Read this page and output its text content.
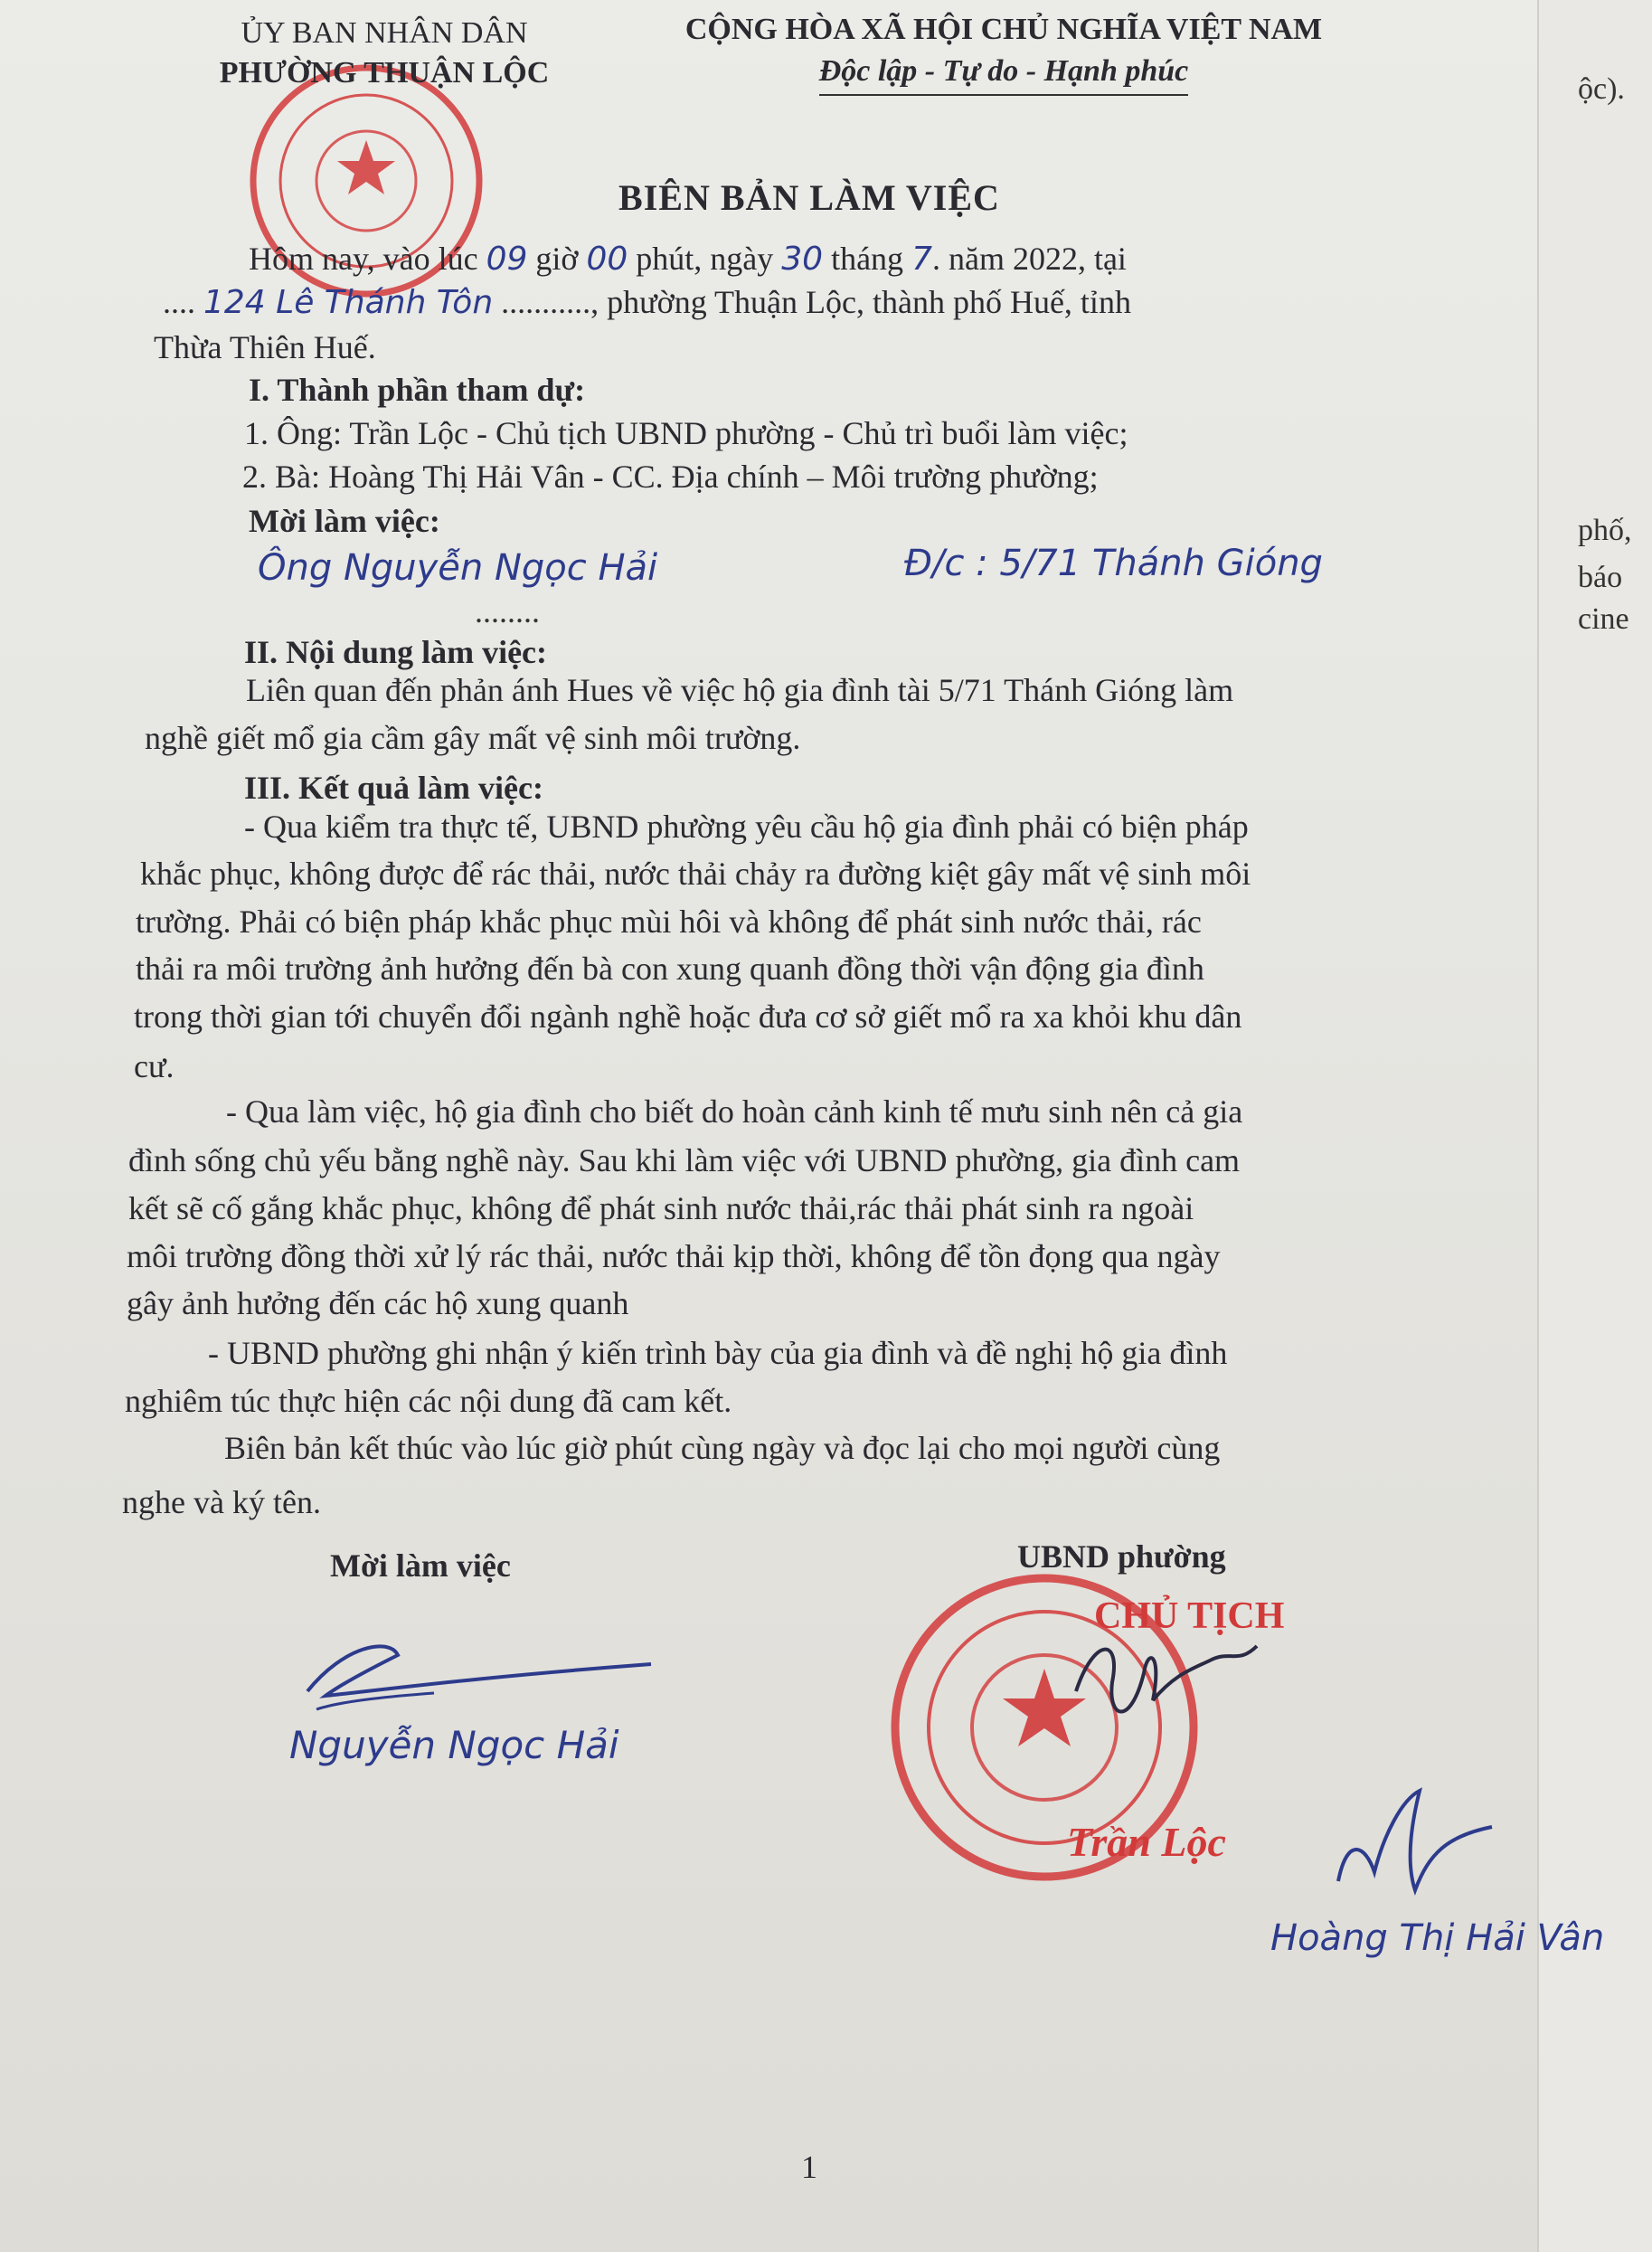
ộc).
phố,
báo
cine
ỦY BAN NHÂN DÂN
PHƯỜNG THUẬN LỘC
CỘNG HÒA XÃ HỘI CHỦ NGHĨA VIỆT NAM
Độc lập - Tự do - Hạnh phúc
BIÊN BẢN LÀM VIỆC
Hôm nay, vào lúc 09 giờ 00 phút, ngày 30 tháng 7. năm 2022, tại
.... 124 Lê Thánh Tôn ..........., phường Thuận Lộc, thành phố Huế, tỉnh
Thừa Thiên Huế.
I. Thành phần tham dự:
1. Ông: Trần Lộc - Chủ tịch UBND phường - Chủ trì buổi làm việc;
2. Bà: Hoàng Thị Hải Vân - CC. Địa chính – Môi trường phường;
Mời làm việc:
Ông Nguyễn Ngọc Hải	Đ/c : 5/71 Thánh Gióng
........
II. Nội dung làm việc:
Liên quan đến phản ánh Hues về việc hộ gia đình tài 5/71 Thánh Gióng làm
nghề giết mổ gia cầm gây mất vệ sinh môi trường.
III. Kết quả làm việc:
- Qua kiểm tra thực tế, UBND phường yêu cầu hộ gia đình phải có biện pháp
khắc phục, không được để rác thải, nước thải chảy ra đường kiệt gây mất vệ sinh môi
trường. Phải có biện pháp khắc phục mùi hôi và không để phát sinh nước thải, rác
thải ra môi trường ảnh hưởng đến bà con xung quanh đồng thời vận động gia đình
trong thời gian tới chuyển đổi ngành nghề hoặc đưa cơ sở giết mổ ra xa khỏi khu dân
cư.
- Qua làm việc, hộ gia đình cho biết do hoàn cảnh kinh tế mưu sinh nên cả gia
đình sống chủ yếu bằng nghề này. Sau khi làm việc với UBND phường, gia đình cam
kết sẽ cố gắng khắc phục, không để phát sinh nước thải,rác thải phát sinh ra ngoài
môi trường đồng thời xử lý rác thải, nước thải kịp thời, không để tồn đọng qua ngày
gây ảnh hưởng đến các hộ xung quanh
- UBND phường ghi nhận ý kiến trình bày của gia đình và đề nghị hộ gia đình
nghiêm túc thực hiện các nội dung đã cam kết.
Biên bản kết thúc vào lúc giờ phút cùng ngày và đọc lại cho mọi người cùng
nghe và ký tên.
Mời làm việc	UBND phường
Nguyễn Ngọc Hải
CHỦ TỊCH
Trần Lộc
Hoàng Thị Hải Vân
1
